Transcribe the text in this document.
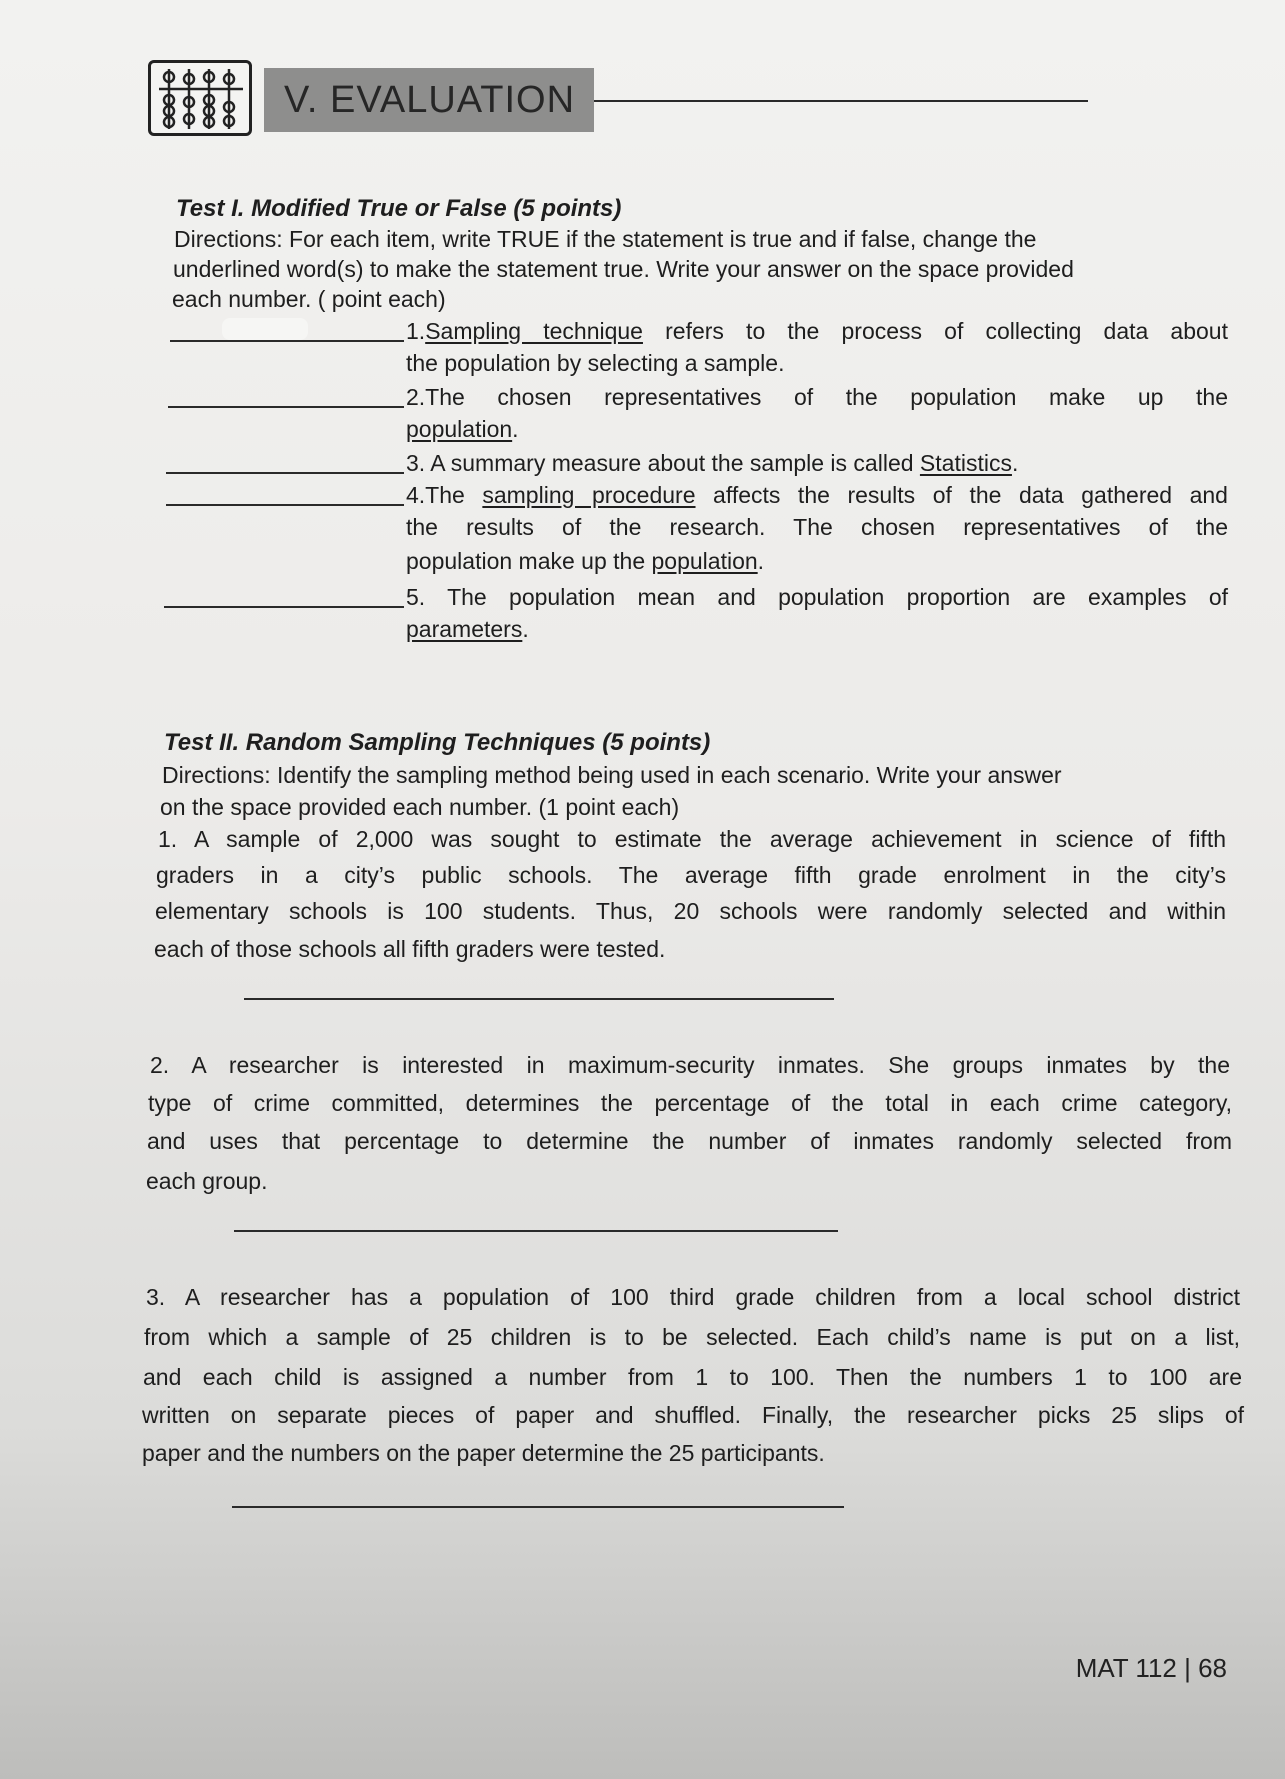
V. EVALUATION
Test I. Modified True or False (5 points)
Directions: For each item, write TRUE if the statement is true and if false, change the
underlined word(s) to make the statement true. Write your answer on the space provided
each number. ( point each)
1.Sampling technique refers to the process of collecting data about
the population by selecting a sample.
2.The chosen representatives of the population make up the
population.
3. A summary measure about the sample is called Statistics.
4.The sampling procedure affects the results of the data gathered and
the results of the research. The chosen representatives of the
population make up the population.
5. The population mean and population proportion are examples of
parameters.
Test II. Random Sampling Techniques (5 points)
Directions: Identify the sampling method being used in each scenario. Write your answer
on the space provided each number. (1 point each)
1. A sample of 2,000 was sought to estimate the average achievement in science of fifth
graders in a city’s public schools. The average fifth grade enrolment in the city’s
elementary schools is 100 students. Thus, 20 schools were randomly selected and within
each of those schools all fifth graders were tested.
2. A researcher is interested in maximum-security inmates. She groups inmates by the
type of crime committed, determines the percentage of the total in each crime category,
and uses that percentage to determine the number of inmates randomly selected from
each group.
3. A researcher has a population of 100 third grade children from a local school district
from which a sample of 25 children is to be selected. Each child’s name is put on a list,
and each child is assigned a number from 1 to 100. Then the numbers 1 to 100 are
written on separate pieces of paper and shuffled. Finally, the researcher picks 25 slips of
paper and the numbers on the paper determine the 25 participants.
MAT 112 | 68
